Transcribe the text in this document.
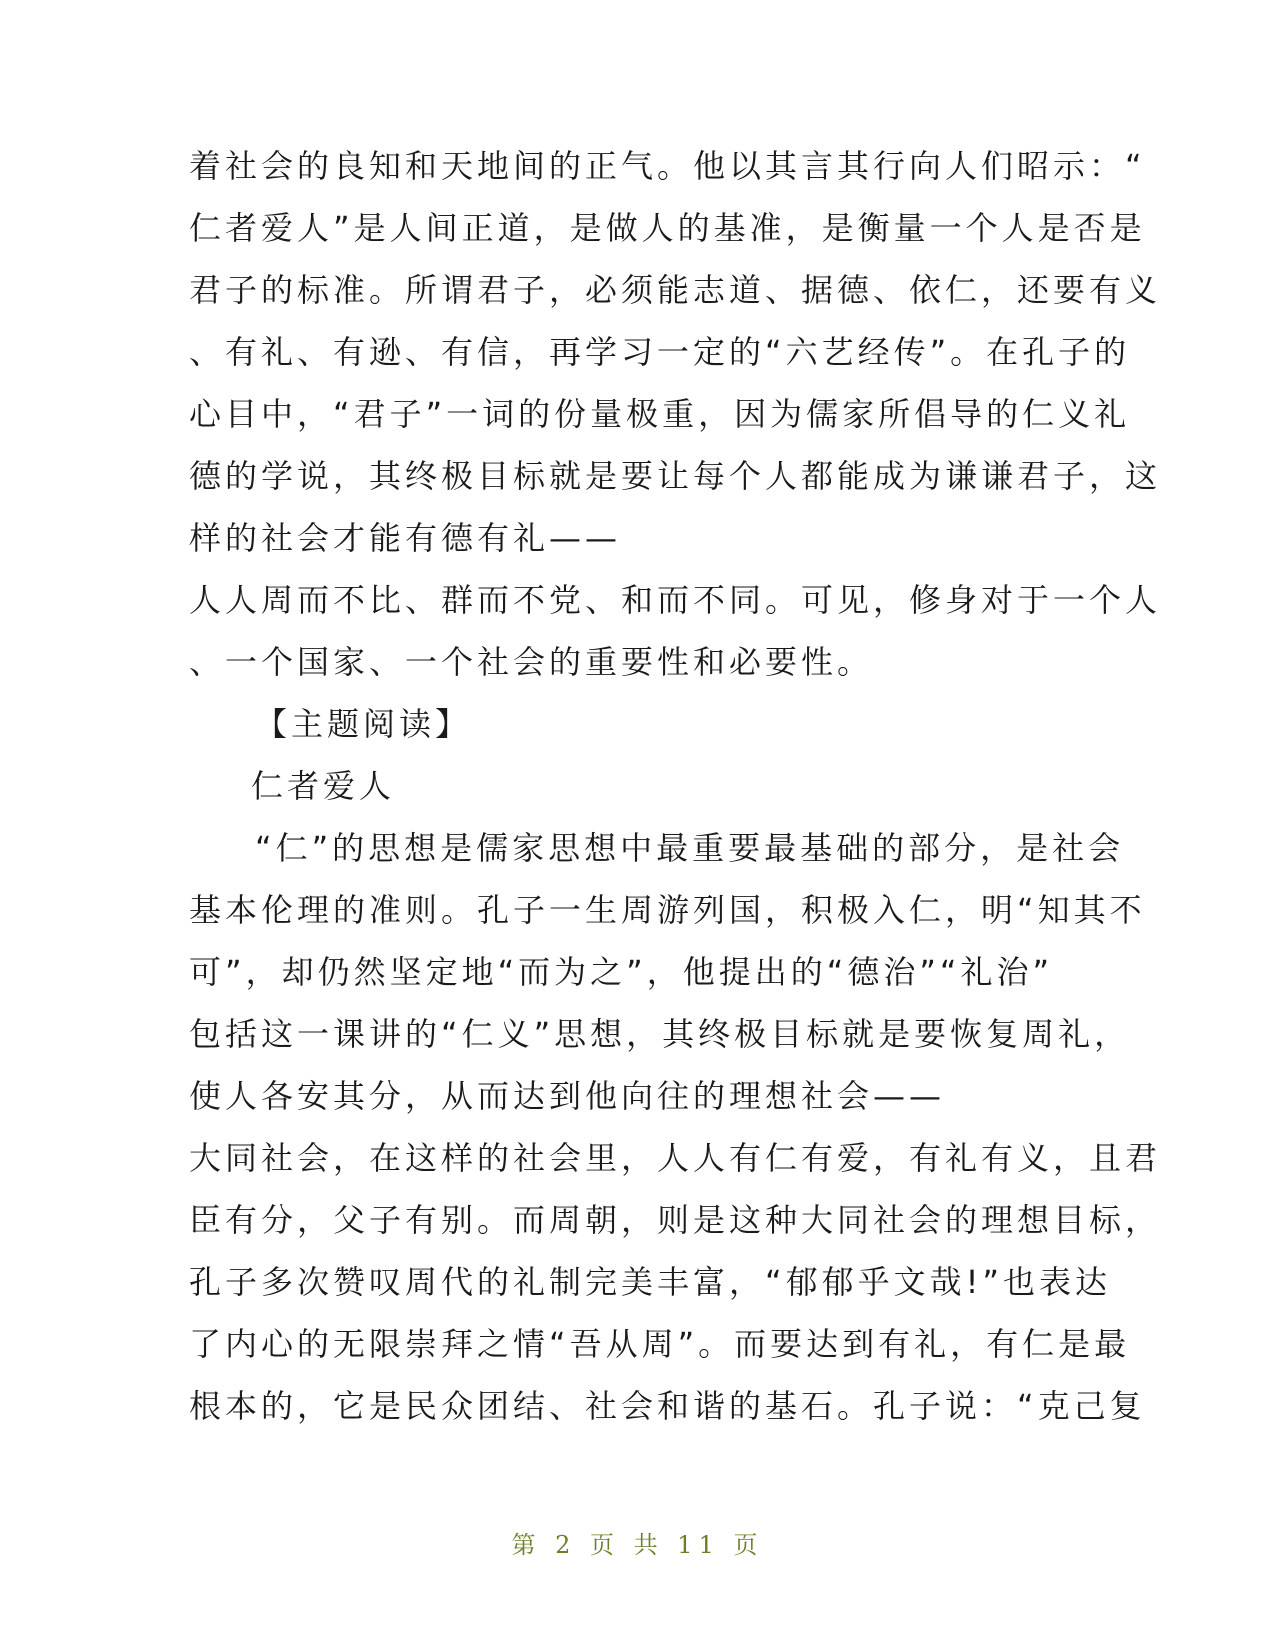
着社会的良知和天地间的正气。他以其言其行向人们昭示：“
仁者爱人”是人间正道，是做人的基准，是衡量一个人是否是
君子的标准。所谓君子，必须能志道、据德、依仁，还要有义
、有礼、有逊、有信，再学习一定的“六艺经传”。在孔子的
心目中，“君子”一词的份量极重，因为儒家所倡导的仁义礼
德的学说，其终极目标就是要让每个人都能成为谦谦君子，这
样的社会才能有德有礼——
人人周而不比、群而不党、和而不同。可见，修身对于一个人
、一个国家、一个社会的重要性和必要性。
【主题阅读】
仁者爱人
“仁”的思想是儒家思想中最重要最基础的部分，是社会
基本伦理的准则。孔子一生周游列国，积极入仁，明“知其不
可”，却仍然坚定地“而为之”，他提出的“德治”“礼治”
包括这一课讲的“仁义”思想，其终极目标就是要恢复周礼，
使人各安其分，从而达到他向往的理想社会——
大同社会，在这样的社会里，人人有仁有爱，有礼有义，且君
臣有分，父子有别。而周朝，则是这种大同社会的理想目标，
孔子多次赞叹周代的礼制完美丰富，“郁郁乎文哉!”也表达
了内心的无限崇拜之情“吾从周”。而要达到有礼，有仁是最
根本的，它是民众团结、社会和谐的基石。孔子说：“克己复
第 2 页 共 11 页
